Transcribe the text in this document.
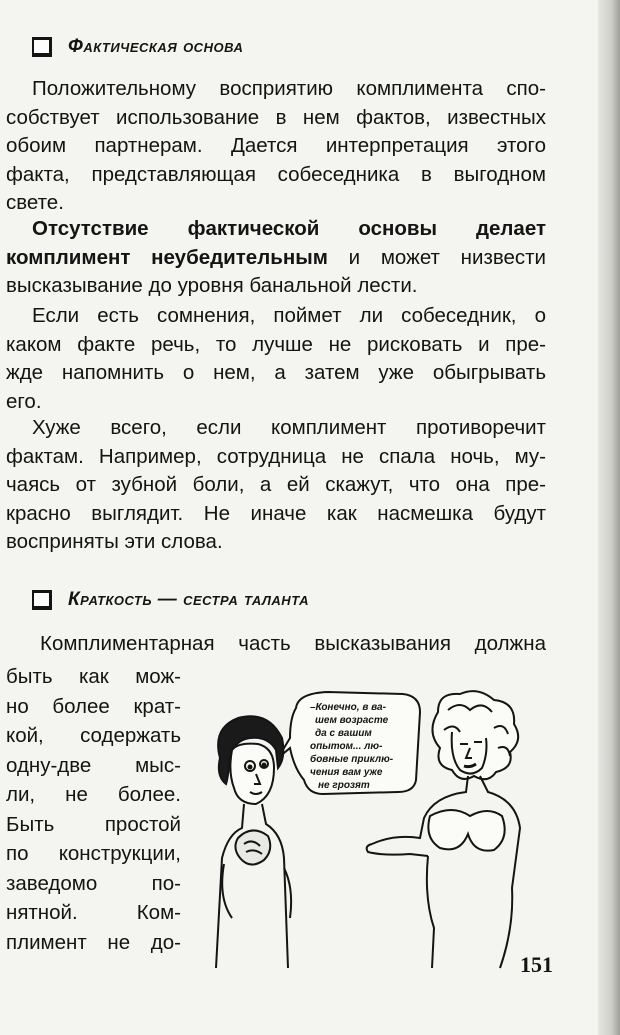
Фактическая основа
Положительному восприятию комплимента спо-
собствует использование в нем фактов, известных
обоим партнерам. Дается интерпретация этого
факта, представляющая собеседника в выгодном
свете.
Отсутствие фактической основы делает
комплимент неубедительным и может низвести
высказывание до уровня банальной лести.
Если есть сомнения, поймет ли собеседник, о
каком факте речь, то лучше не рисковать и пре-
жде напомнить о нем, а затем уже обыгрывать
его.
Хуже всего, если комплимент противоречит
фактам. Например, сотрудница не спала ночь, му-
чаясь от зубной боли, а ей скажут, что она пре-
красно выглядит. Не иначе как насмешка будут
восприняты эти слова.
Краткость — сестра таланта
Комплиментарная часть высказывания должна
быть как мож-
но более крат-
кой, содержать
одну-две мыс-
ли, не более.
Быть простой
по конструкции,
заведомо по-
нятной. Ком-
плимент не до-
–Конечно, в ва-
шем возрасте
да с вашим
опытом... лю-
бовные приклю-
чения вам уже
не грозят
151
